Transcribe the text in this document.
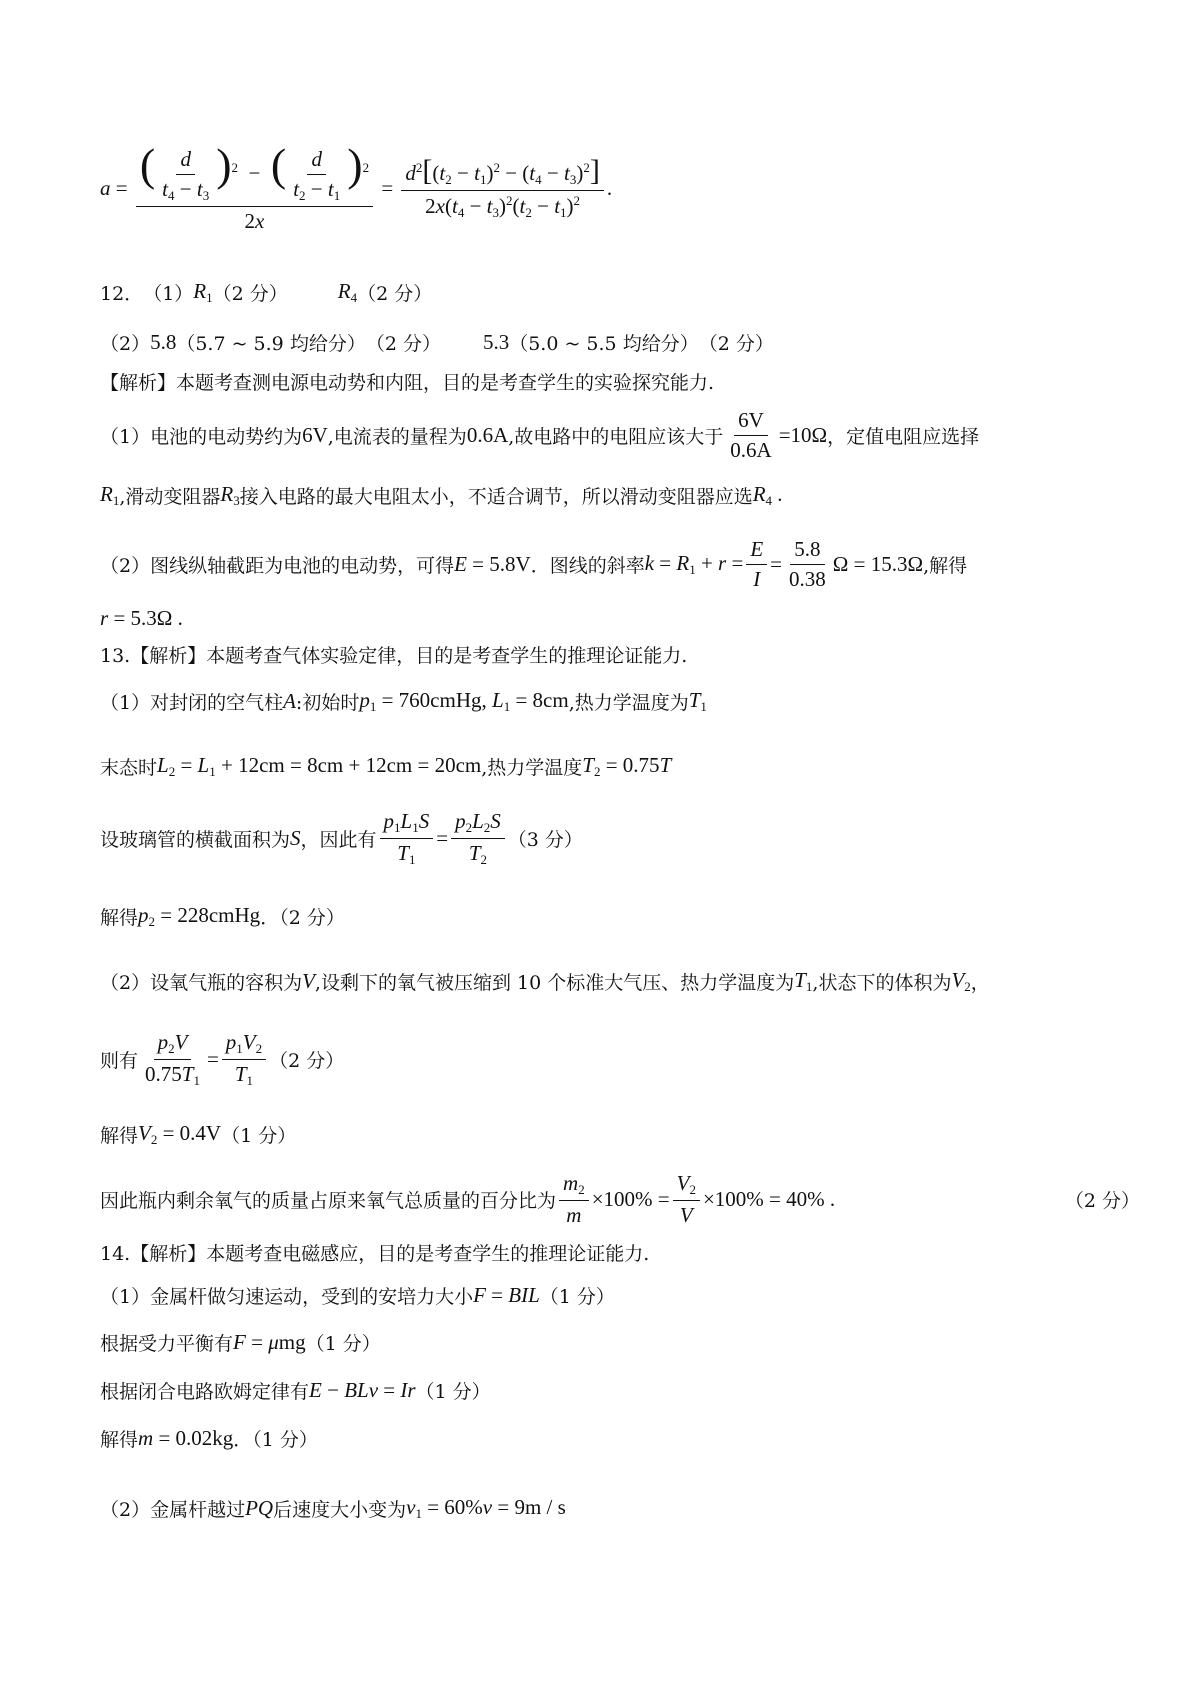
$a = \frac{( \frac{d}{t_4 - t_3} )^2 - ( \frac{d}{t_2 - t_1} )^2}{2x} = \frac{d^2[(t_2 - t_1)^2 - (t_4 - t_3)^2]}{2x(t_4 - t_3)^2(t_2 - t_1)^2}$ .
12． （1） $R_1$ （2 分） $R_4$ （2 分）
（2） 5.8 （5.7 ~ 5.9 均给分） （2 分） 5.3 （5.0 ~ 5.5 均给分） （2 分）
【解析】本题考查测电源电动势和内阻，目的是考查学生的实验探究能力.
（1）电池的电动势约为 6V ,电流表的量程为 0.6A ,故电路中的电阻应该大于 $\frac{6V}{0.6A} =10\Omega$ ，定值电阻应选择
$R_1$ ,滑动变阻器 $R_3$ 接入电路的最大电阻太小，不适合调节，所以滑动变阻器应选 $R_4$ .
（2）图线纵轴截距为电池的电动势，可得 E = 5.8V ．图线的斜率 $k = R_1 + r = \frac{E}{I} = \frac{5.8}{0.38}$ Ω = 15.3Ω ,解得
r = 5.3Ω .
13.【解析】本题考查气体实验定律，目的是考查学生的推理论证能力.
（1）对封闭的空气柱 A :初始时 $p_1$ = 760cmHg, $L_1 = 8cm$ ,热力学温度为 $T_1$
末态时 $L_2 = L_1 + 12cm = 8cm + 12cm = 20cm$ ,热力学温度 $T_2 = 0.75T$
设玻璃管的横截面积为 S ，因此有 $\frac{p_1L_1S}{T_1} = \frac{p_2L_2S}{T_2} (3$ 分）
解得 $p_2$ = 228cmHg ．（2 分）
（2）设氧气瓶的容积为 V ,设剩下的氧气被压缩到 10 个标准大气压、热力学温度为 $T_1$ ,状态下的体积为 $V_2$ ，
则有 $\frac{p_2V}{0.75T_1} = \frac{p_1V_2}{T_1} (2$ 分）
解得 $V_2 = 0.4V$ （1 分）
因此瓶内剩余氧气的质量占原来氧气总质量的百分比为 $\frac{m_2}{m} \times 100\% = \frac{V_2}{V} \times 100\% = 40\%$ .	（2 分）
14.【解析】本题考查电磁感应，目的是考查学生的推理论证能力.
（1）金属杆做匀速运动，受到的安培力大小 F = BIL （1 分）
根据受力平衡有 F = μmg （1 分）
根据闭合电路欧姆定律有 E − BLv = Ir （1 分）
解得 m = 0.02kg ．（1 分）
（2）金属杆越过 PQ 后速度大小变为 $v_1 = 60\%v = 9m / s$
